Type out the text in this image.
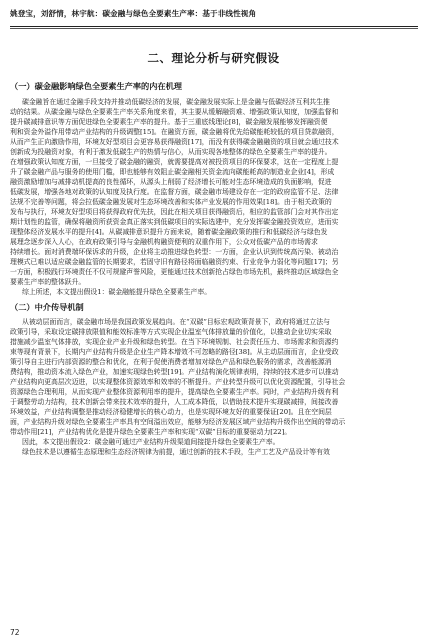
姚登宝，刘舒情，林宇航：碳金融与绿色全要素生产率：基于非线性视角
二、理论分析与研究假设
（一）碳金融影响绿色全要素生产率的内在机理
碳金融旨在通过金融手段支持并推动低碳经济的发展，碳金融发展实际上是金融与低碳经济互利共生推
动的结果。从碳金融与绿色全要素生产率关系角度来看，其主要从缓解融资难、增强政策认知度，加强监督和
提升碳减排意识等方面促进绿色全要素生产率的提升。基于三重底线理论[8]，碳金融发展能够发挥融资便
利和资金外溢作用带动产业结构的升级调整[15]。在融资方面，碳金融将优先给碳能耗较低的项目贷款融资，
从而产生正向激励作用，环境友好型项目会更容易获得融资[17]，而没有获得碳金融融资的项目就会通过技术
创新成为投融资对象，有利于激发低碳生产的热情与信心，从而实现各地整体的绿色全要素生产率的提升。
在增强政策认知度方面，一旦接受了碳金融的融资，就需要提高对被投资项目的环保要求，这在一定程度上提
升了碳金融产品与服务的使用门槛，即也能够有效阻止碳金融相关资金流向碳能耗高的制造业企业[4]，形成
融资激励增加与减排动机提高的良性循环，从源头上削弱了经济增长可能对生态环境造成的负面影响，促进
低碳发展，增强各地对政策的认知度及执行度。在监督方面，碳金融市场建设存在一定的政府监管不足、法律
法规不完善等问题，将会拉低碳金融发展对生态环境改善和实体产业发展的作用效果[18]。由于相关政策的
发布与执行，环境友好型项目将获得政府优先扶，因此在相关项目获得融资后，相应的监管部门会对其作出定
期计划性的监管，确保将融资所获资金真正落实到低碳项目的实际选建中，充分发挥碳金融投资效应，进而实
现整体经济发展水平的提升[4]。从碳减排意识提升方面来说，随着碳金融政策的推行和低碳经济与绿色发
展理念逐步深入人心，在政府政策引导与金融机构融资便利的双重作用下，公众对低碳产品的市场需求
持续增长。面对消费端环保诉求的升级，企业将主动推进绿色转型：一方面，企业认识到传统高污染、被动治
理模式已难以适应碳金融监管的长期要求，若固守旧有路径将面临融资约束、行业竞争力弱化等问题[17]；另
一方面，积极践行环境责任不仅可规避声誉风险，更能通过技术创新抢占绿色市场先机，最终推动区域绿色全
要素生产率的整体跃升。
综上所述，本文提出假设1：碳金融能提升绿色全要素生产率。
（二）中介传导机制
从被动层面而言，碳金融市场是我国政策发展趋向。在“双碳”目标宏观政策背景下，政府将通过立法与
政策引导，采取设定碳排放限值和能效标准等方式实现企业温室气体排放量的价值化，以推动企业切实采取
措施减少温室气体排放，实现企业产业升级和绿色转型。在当下环境规制、社会责任压力、市场需求和资源约
束等现有背景下，长期内产业结构升级是企业生产降本增效不可忽略的路径[38]。从主动层面而言，企业受政
策引导自主进行内部资源的整合和优化，在利于促使消费者增加对绿色产品和绿色服务的需求，改善能源消
费结构，推动资本流入绿色产业，加速实现绿色转型[19]。产业结构演化规律表明，持续的技术进步可以推动
产业结构向更高层次迈进，以实现整体资源效率和效率的不断提升。产业转型升级可以优化资源配置，引导社会
资源绿色合理利用，从而实现产业整体资源利用率的提升，提高绿色全要素生产率。同时，产业结构升级有利
于调整劳动力结构，技术创新会带来技术效率的提升，人工成本降低，以借助技术提升实现碳减排，间接改善
环境效益，产业结构调整是推动经济稳健增长的核心动力，也是实现环境友好的重要保证[20]。且在空间层
面，产业结构升级对绿色全要素生产率具有空间溢出效应，能够为经济发展区域产业结构升级作出空间的带动示
带动作用[21]，产业结构优化是提升绿色全要素生产率和实现“双碳”目标的重要驱动力[22]。
因此，本文提出假设2：碳金融可通过产业结构升级渠道间接提升绿色全要素生产率。
绿色技术是以遵循生态原理和生态经济规律为前提，通过创新的技术手段，生产工艺及产品设计等有效
72
